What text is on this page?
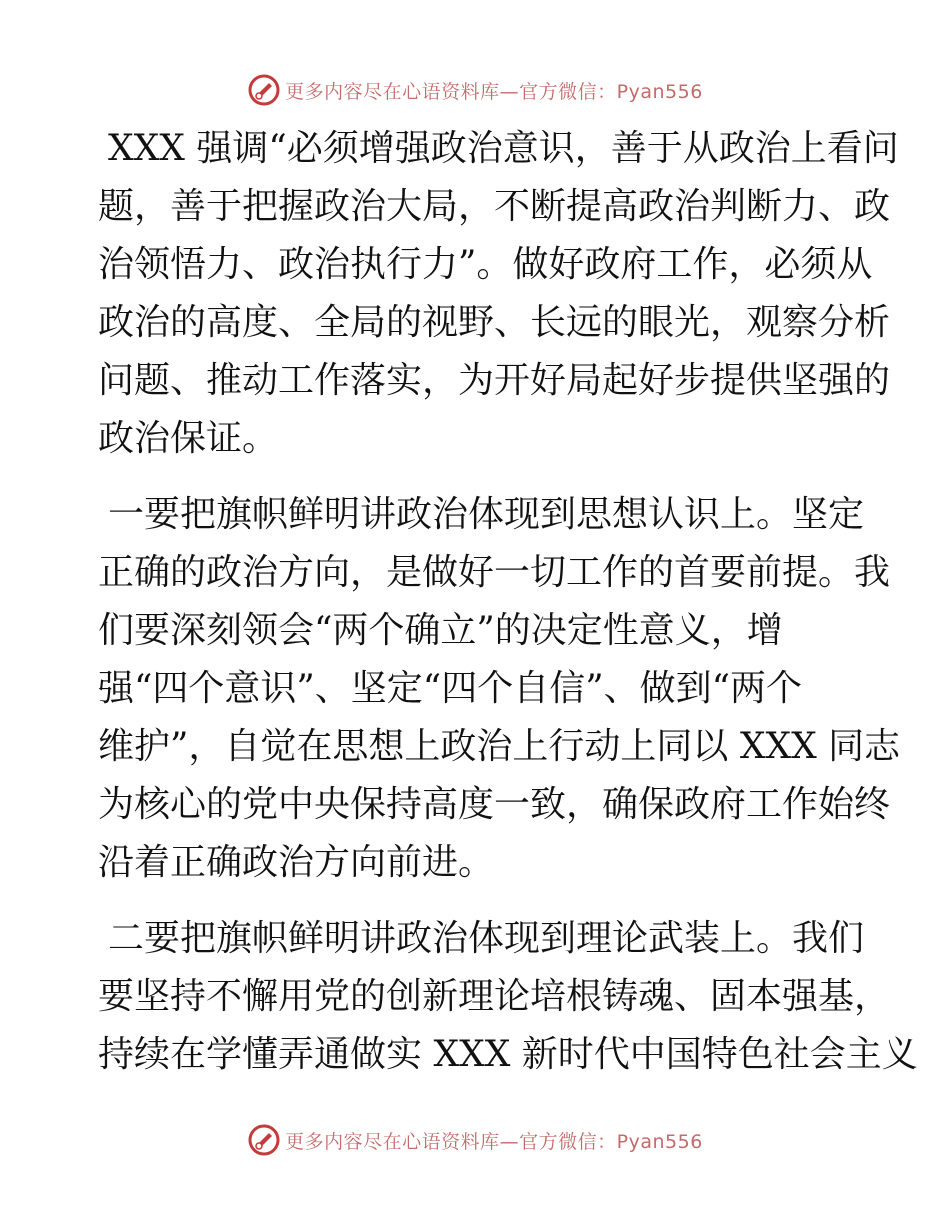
更多内容尽在心语资料库—官方微信：Pyan556
XXX 强调“必须增强政治意识，善于从政治上看问
题，善于把握政治大局，不断提高政治判断力、政
治领悟力、政治执行力”。做好政府工作，必须从
政治的高度、全局的视野、长远的眼光，观察分析
问题、推动工作落实，为开好局起好步提供坚强的
政治保证。
一要把旗帜鲜明讲政治体现到思想认识上。坚定
正确的政治方向，是做好一切工作的首要前提。我
们要深刻领会“两个确立”的决定性意义，增
强“四个意识”、坚定“四个自信”、做到“两个
维护”，自觉在思想上政治上行动上同以 XXX 同志
为核心的党中央保持高度一致，确保政府工作始终
沿着正确政治方向前进。
二要把旗帜鲜明讲政治体现到理论武装上。我们
要坚持不懈用党的创新理论培根铸魂、固本强基，
持续在学懂弄通做实 XXX 新时代中国特色社会主义
更多内容尽在心语资料库—官方微信：Pyan556
